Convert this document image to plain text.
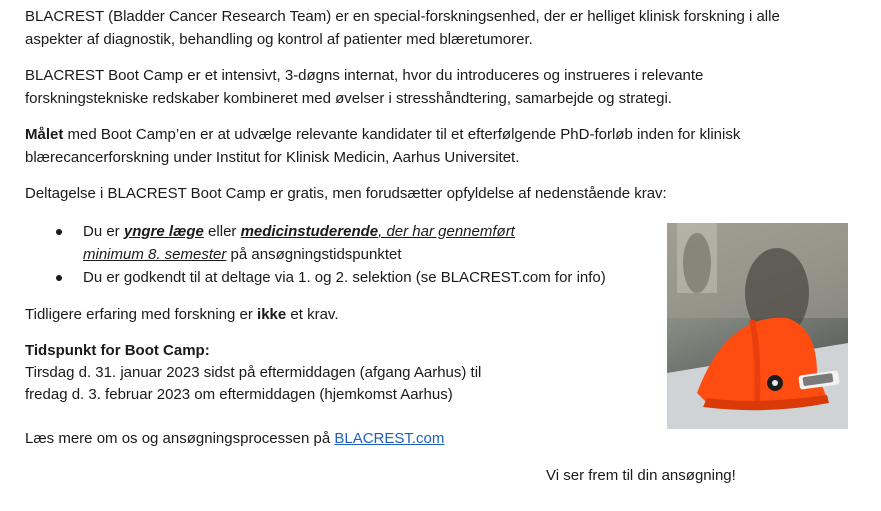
BLACREST (Bladder Cancer Research Team) er en special-forskningsenhed, der er helliget klinisk forskning i alle

aspekter af diagnostik, behandling og kontrol af patienter med blæretumorer.

BLACREST Boot Camp er et intensivt, 3-døgns internat, hvor du introduceres og instrueres i relevante

forskningstekniske redskaber kombineret med øvelser i stresshåndtering, samarbejde og strategi.

Målet med Boot Camp’en er at udvælge relevante kandidater til et efterfølgende PhD-forløb inden for klinisk

blærecancerforskning under Institut for Klinisk Medicin, Aarhus Universitet.

Deltagelse i BLACREST Boot Camp er gratis, men forudsætter opfyldelse af nedenstående krav:

Du er yngre læge eller medicinstuderende, der har gennemført
minimum 8. semester på ansøgningstidspunktet
Du er godkendt til at deltage via 1. og 2. selektion (se BLACREST.com for info)

Tidligere erfaring med forskning er ikke et krav.

Tidspunkt for Boot Camp:

Tirsdag d. 31. januar 2023 sidst på eftermiddagen (afgang Aarhus) til

fredag d. 3. februar 2023 om eftermiddagen (hjemkomst Aarhus)

Læs mere om os og ansøgningsprocessen på BLACREST.com

Vi ser frem til din ansøgning!
